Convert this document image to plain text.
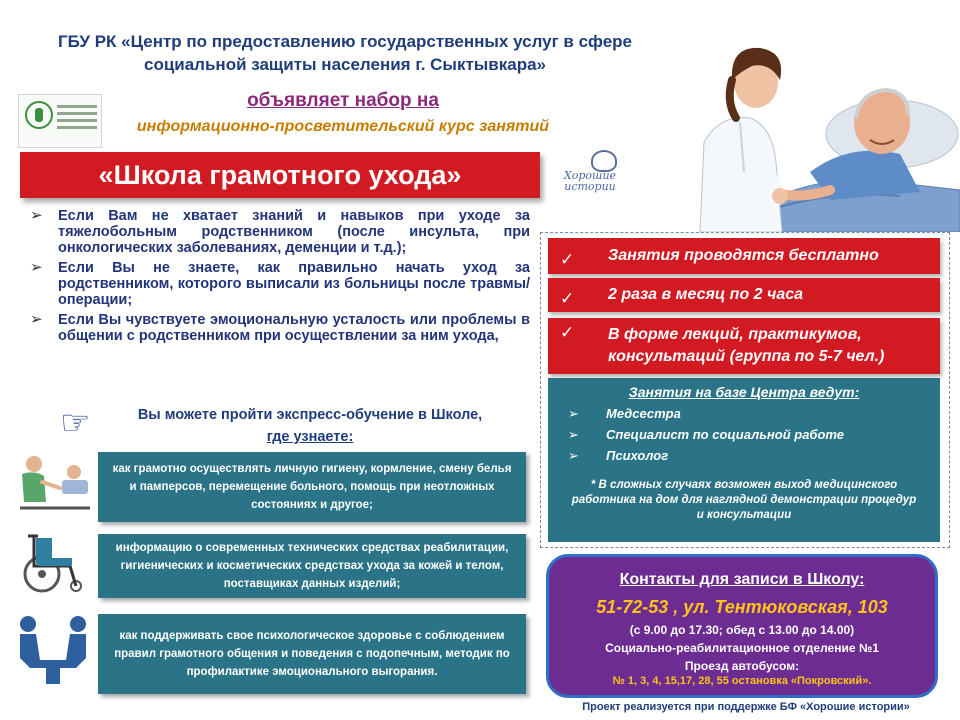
ГБУ РК «Центр по предоставлению государственных услуг в сфере социальной защиты населения г. Сыктывкара»
объявляет набор на
информационно-просветительский курс занятий
«Школа грамотного ухода»	Хорошие истории
➢ Если Вам не хватает знаний и навыков при уходе за тяжелобольным родственником (после инсульта, при онкологических заболеваниях, деменции и т.д.);
➢ Если Вы не знаете, как правильно начать уход за родственником, которого выписали из больницы после травмы/операции;
➢ Если Вы чувствуете эмоциональную усталость или проблемы в общении с родственником при осуществлении за ним ухода,
☞	Вы можете пройти экспресс-обучение в Школе,
где узнаете:
как грамотно осуществлять личную гигиену, кормление, смену белья и памперсов, перемещение больного, помощь при неотложных состояниях и другое;
информацию о современных технических средствах реабилитации, гигиенических и косметических средствах ухода за кожей и телом, поставщиках данных изделий;
как поддерживать свое психологическое здоровье с соблюдением правил грамотного общения и поведения с подопечным, методик по профилактике эмоционального выгорания.
✓ Занятия проводятся бесплатно
✓ 2 раза в месяц по 2 часа
✓ В форме лекций, практикумов, консультаций (группа по 5-7 чел.)
Занятия на базе Центра ведут:
➢ Медсестра
➢ Специалист по социальной работе
➢ Психолог
* В сложных случаях возможен выход медицинского работника на дом для наглядной демонстрации процедур и консультации
Контакты для записи в Школу:
51-72-53 , ул. Тентюковская, 103
(с 9.00 до 17.30; обед с 13.00 до 14.00)
Социально-реабилитационное отделение №1
Проезд автобусом:
№ 1, 3, 4, 15,17, 28, 55 остановка «Покровский».
Проект реализуется при поддержке БФ «Хорошие истории»
